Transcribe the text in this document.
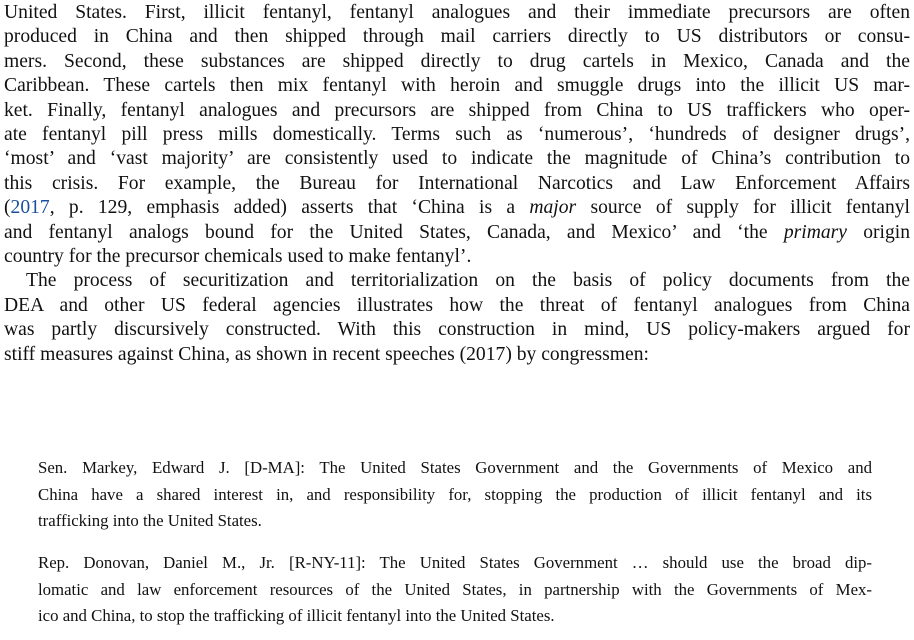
United States. First, illicit fentanyl, fentanyl analogues and their immediate precursors are often
produced in China and then shipped through mail carriers directly to US distributors or consu-
mers. Second, these substances are shipped directly to drug cartels in Mexico, Canada and the
Caribbean. These cartels then mix fentanyl with heroin and smuggle drugs into the illicit US mar-
ket. Finally, fentanyl analogues and precursors are shipped from China to US traffickers who oper-
ate fentanyl pill press mills domestically. Terms such as ‘numerous’, ‘hundreds of designer drugs’,
‘most’ and ‘vast majority’ are consistently used to indicate the magnitude of China’s contribution to
this crisis. For example, the Bureau for International Narcotics and Law Enforcement Affairs
(2017, p. 129, emphasis added) asserts that ‘China is a major source of supply for illicit fentanyl
and fentanyl analogs bound for the United States, Canada, and Mexico’ and ‘the primary origin
country for the precursor chemicals used to make fentanyl’.
The process of securitization and territorialization on the basis of policy documents from the
DEA and other US federal agencies illustrates how the threat of fentanyl analogues from China
was partly discursively constructed. With this construction in mind, US policy-makers argued for
stiff measures against China, as shown in recent speeches (2017) by congressmen:
Sen. Markey, Edward J. [D-MA]: The United States Government and the Governments of Mexico and
China have a shared interest in, and responsibility for, stopping the production of illicit fentanyl and its
trafficking into the United States.
Rep. Donovan, Daniel M., Jr. [R-NY-11]: The United States Government … should use the broad dip-
lomatic and law enforcement resources of the United States, in partnership with the Governments of Mex-
ico and China, to stop the trafficking of illicit fentanyl into the United States.
